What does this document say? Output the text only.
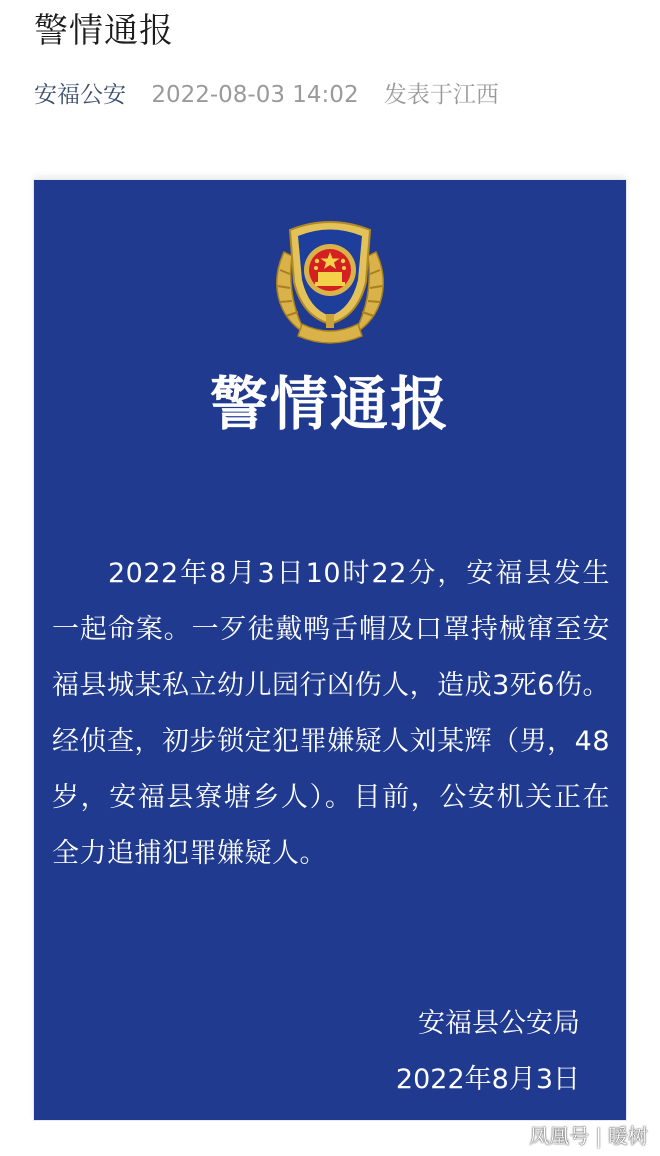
警情通报
安福公安 2022-08-03 14:02 发表于江西
警情通报
2022年8月3日10时22分，安福县发生一起命案。一歹徒戴鸭舌帽及口罩持械窜至安福县城某私立幼儿园行凶伤人，造成3死6伤。经侦查，初步锁定犯罪嫌疑人刘某辉（男，48岁，安福县寮塘乡人）。目前，公安机关正在全力追捕犯罪嫌疑人。
安福县公安局
2022年8月3日
凤凰号 | 暖树
